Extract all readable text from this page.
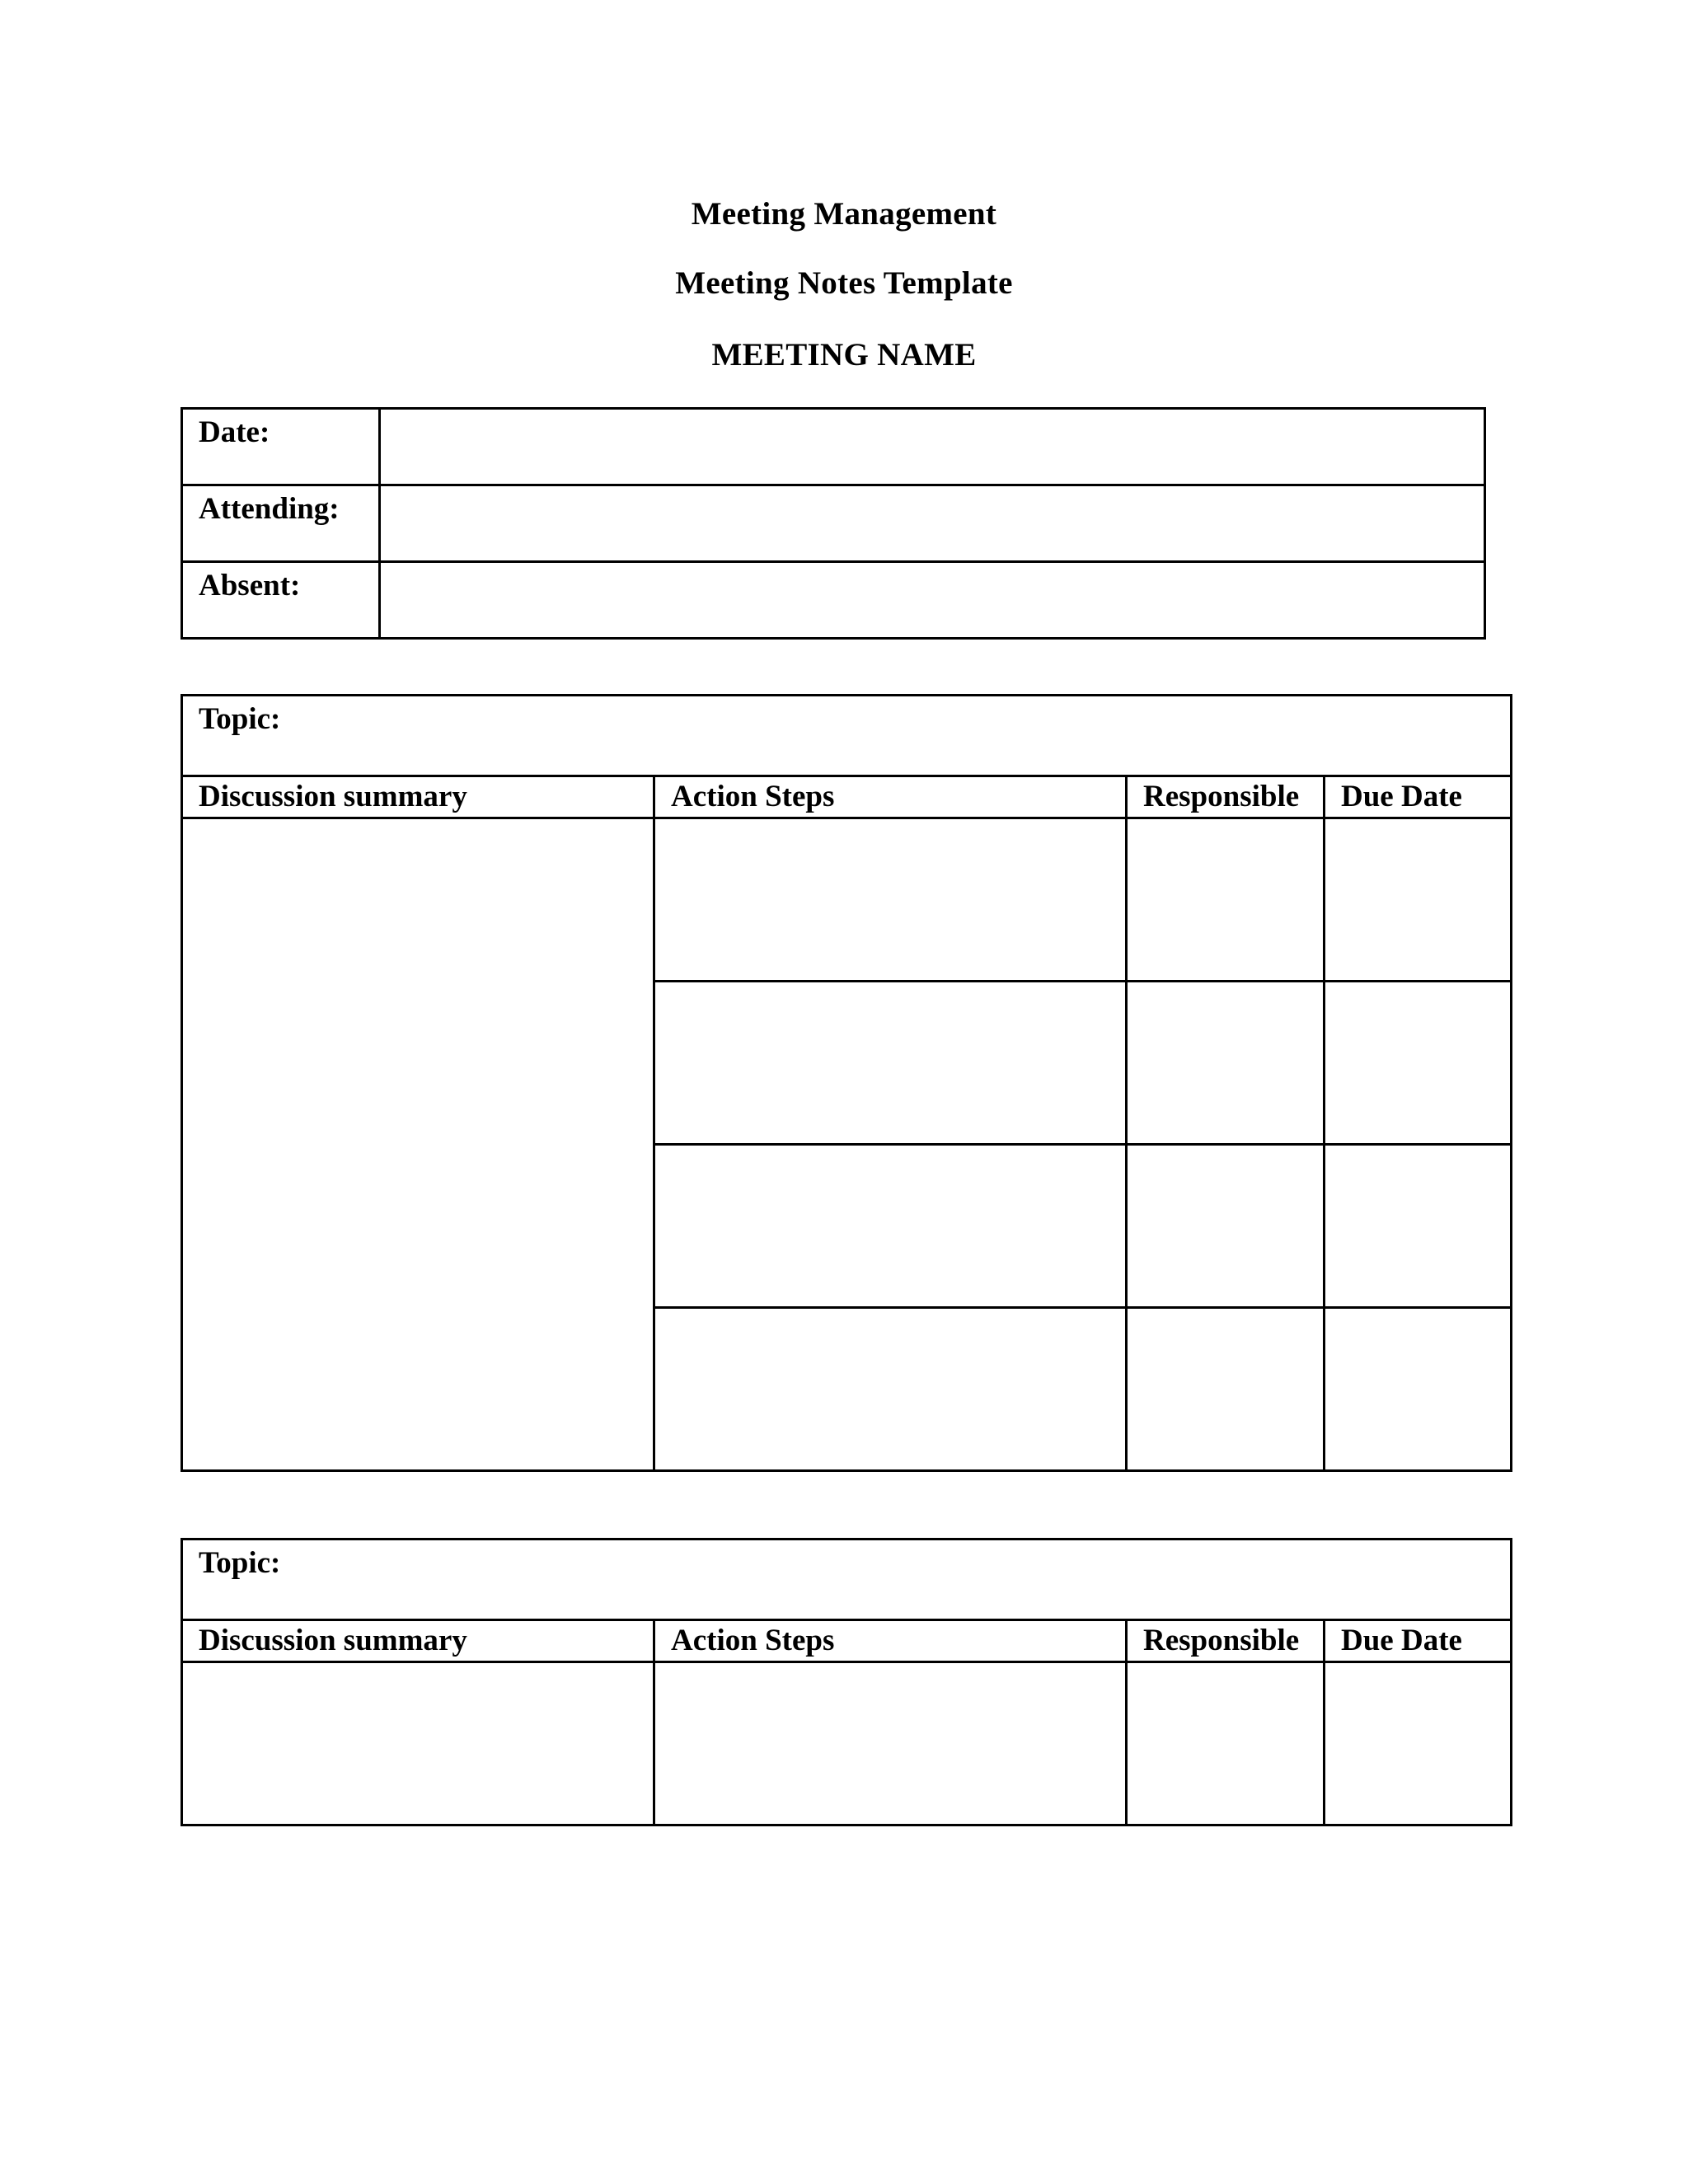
Meeting Management
Meeting Notes Template
MEETING NAME
Date:	
Attending:	
Absent:	
Topic:			
Discussion summary	Action Steps	Responsible	Due Date

Topic:			
Discussion summary	Action Steps	Responsible	Due Date
